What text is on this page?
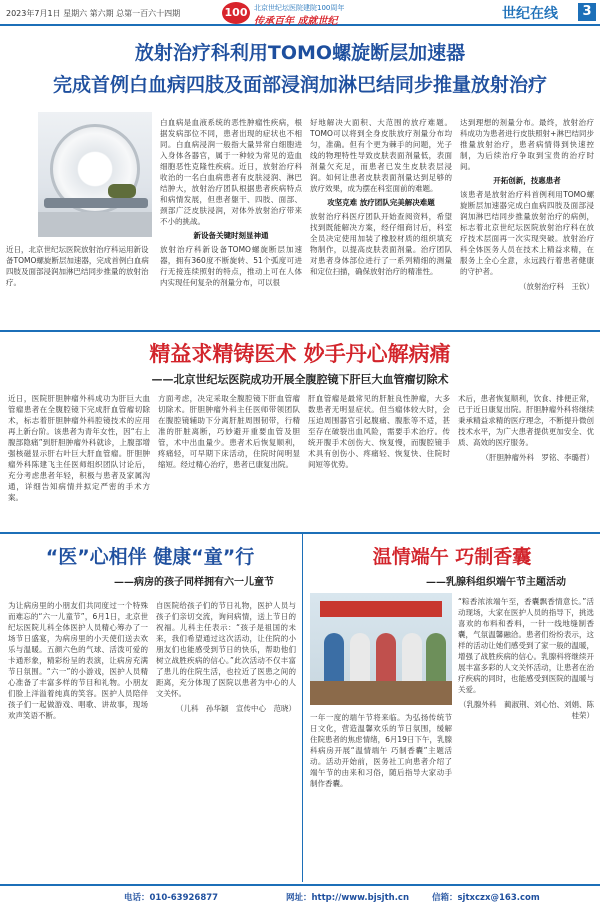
2023年7月1日 星期六 第六期 总第一百六十四期	100 北京世纪坛医院建院100周年
传承百年 成就世纪	世纪在线	3
放射治疗科利用TOMO螺旋断层加速器
完成首例白血病四肢及面部浸润加淋巴结同步推量放射治疗
近日，北京世纪坛医院放射治疗科运用新设备TOMO螺旋断层加速器，完成首例白血病四肢及面部浸润加淋巴结同步推量的放射治疗。
白血病是血液系统的恶性肿瘤性疾病，根据发病部位不同，患者出现的症状也不相同。白血病浸润一般指大量异常白细胞进入身体各器官，属于一种较为常见的造血细胞恶性克隆性疾病。近日，放射治疗科收治的一名白血病患者有皮肤浸润、淋巴结肿大，放射治疗团队根据患者疾病特点和病情发展，但患者躯干、四肢、面部、颈部广泛皮肤浸润，对体外放射治疗带来不小的挑战。
新设备关键时刻显神通
放射治疗科新设备TOMO螺旋断层加速器，拥有360度不断旋转、51个弧度可进行无接连续照射的特点，推动上可在人体内实现任何复杂的剂量分布，可以很
好地解决大面积、大范围的放疗难题。TOMO可以将到全身皮肤放疗剂量分布均匀，准确。但有个更为棘手的问题，光子线的物理特性导致皮肤表面剂量低，表面剂量欠充足，而患者已发生皮肤表层浸润。如何让患者皮肤表面剂量达到足够的放疗效果，成为摆在科室面前的难题。
攻坚克难 放疗团队完美解决难题
放射治疗科医疗团队开始查阅资料，希望找到既能解决方案，经仔细商讨后，科室全员决定使用加装了橡胶材质的组织填充物制作，以提高皮肤表面剂量。治疗团队对患者身体部位进行了一系列精细的测量和定位扫描，确保放射治疗的精准性。
达到理想的剂量分布。最终，放射治疗科成功为患者进行皮肤照射+淋巴结同步推量放射治疗，患者病情得到快速控制，为后续治疗争取到宝贵的治疗时间。
开拓创新，技惠患者
该患者是放射治疗科首例利用TOMO螺旋断层加速器完成白血病四肢及面部浸润加淋巴结同步推量放射治疗的病例，标志着北京世纪坛医院放射治疗科在放疗技术层面再一次实现突破。放射治疗科全体医务人员在技术上精益求精，在服务上全心全意，永远践行着患者健康的守护者。
（放射治疗科　王钦）
精益求精铸医术 妙手丹心解病痛
——北京世纪坛医院成功开展全腹腔镜下肝巨大血管瘤切除术
近日，医院肝胆肿瘤外科成功为肝巨大血管瘤患者在全腹腔镜下完成肝血管瘤切除术，标志着肝胆肿瘤外科腔镜技术的应用再上新台阶。该患者为青年女性，因“右上腹部隐痛”到肝胆肿瘤外科就诊，上腹部增强核磁显示肝右叶巨大肝血管瘤。肝胆肿瘤外科陈建飞主任医师组织团队讨论后，充分考虑患者年轻，积极与患者及家属沟通，详细告知病情并拟定严密的手术方案。
方面考虑，决定采取全腹腔镜下肝血管瘤切除术。肝胆肿瘤外科主任医师带领团队在腹腔镜辅助下分离肝脏周围韧带，行精准的肝脏离断，巧妙避开重要血管及胆管，术中出血量少。患者术后恢复顺利，疼痛轻，可早期下床活动，住院时间明显缩短。经过精心治疗，患者已康复出院。
肝血管瘤是最常见的肝脏良性肿瘤，大多数患者无明显症状。但当瘤体较大时，会压迫周围器官引起腹痛、腹胀等不适，甚至存在破裂出血风险，需要手术治疗。传统开腹手术创伤大、恢复慢，而腹腔镜手术具有创伤小、疼痛轻、恢复快、住院时间短等优势。
术后，患者恢复顺利，饮食、排便正常，已于近日康复出院。肝胆肿瘤外科将继续秉承精益求精的医疗理念，不断提升微创技术水平，为广大患者提供更加安全、优质、高效的医疗服务。
（肝胆肿瘤外科　罗铭、李璐哲）
“医”心相伴 健康“童”行
——病房的孩子同样拥有六一儿童节
为让病房里的小朋友们共同度过一个特殊而难忘的“六一儿童节”，6月1日，北京世纪坛医院儿科全体医护人员精心筹办了一场节日盛宴，为病房里的小天使们送去欢乐与温暖。五颜六色的气球、活泼可爱的卡通形象，精彩纷呈的表演，让病房充满节日氛围。“六一”的小游戏，医护人员精心准备了丰富多样的节目和礼物。小朋友们脸上洋溢着纯真的笑容。医护人员陪伴孩子们一起做游戏、唱歌、讲故事，现场欢声笑语不断。
自医院给孩子们的节日礼物，医护人员与孩子们亲切交流，询问病情，送上节日的祝福。儿科主任表示：“孩子是祖国的未来，我们希望通过这次活动，让住院的小朋友们也能感受到节日的快乐，帮助他们树立战胜疾病的信心。”此次活动不仅丰富了患儿的住院生活，也拉近了医患之间的距离，充分体现了医院以患者为中心的人文关怀。
（儿科　孙华颖　宣传中心　范晓）
温情端午 巧制香囊
——乳腺科组织端午节主题活动
一年一度的端午节将来临。为弘扬传统节日文化，营造温馨欢乐的节日氛围，缓解住院患者的焦虑情绪，6月19日下午，乳腺科病房开展“温情端午 巧制香囊”主题活动。活动开始前，医务社工向患者介绍了端午节的由来和习俗，随后指导大家动手制作香囊。
“粽香浓浓端午至，香囊飘香情意长。”活动现场，大家在医护人员的指导下，挑选喜欢的布料和香料，一针一线地缝制香囊，气氛温馨融洽。患者们纷纷表示，这样的活动让她们感受到了家一般的温暖，增强了战胜疾病的信心。乳腺科将继续开展丰富多彩的人文关怀活动，让患者在治疗疾病的同时，也能感受到医院的温暖与关爱。
（乳腺外科　蔺淑荆、刘心怡、刘娟、陈桂荣）
电话：010-63926877	网址：http://www.bjsjth.cn	信箱：sjtxczx@163.com
